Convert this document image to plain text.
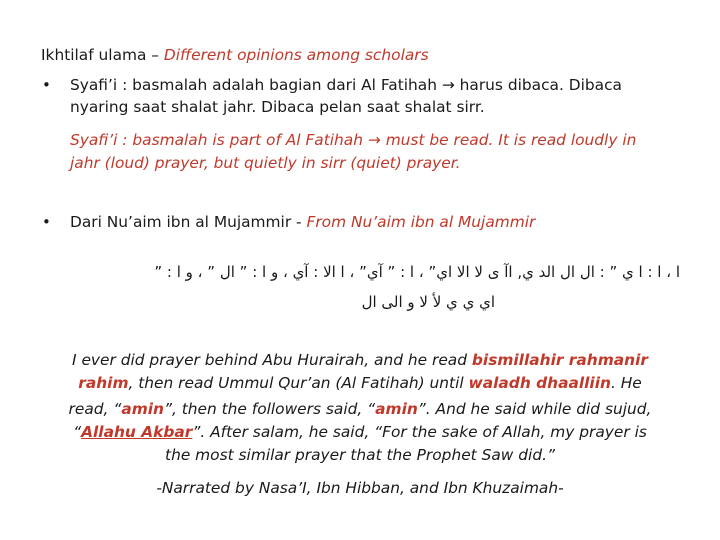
Ikhtilaf ulama – Different opinions among scholars
• Syafi’i : basmalah adalah bagian dari Al Fatihah → harus dibaca. Dibaca
nyaring saat shalat jahr. Dibaca pelan saat shalat sirr.
Syafi’i : basmalah is part of Al Fatihah → must be read. It is read loudly in
jahr (loud) prayer, but quietly in sirr (quiet) prayer.
• Dari Nu’aim ibn al Mujammir - From Nu’aim ibn al Mujammir
ا ، ا : ا ي ” : ال ال الد ي, اآ ى لا الا اي” ، ا : ” آي” ، ا الا : آي ، و ا : ” ال ” ، و ا : ”
اي ي ي لأ لا و الى ال
I ever did prayer behind Abu Hurairah, and he read bismillahir rahmanir
rahim, then read Ummul Qur’an (Al Fatihah) until waladh dhaalliin. He
read, “amin”, then the followers said, “amin”. And he said while did sujud,
“Allahu Akbar”. After salam, he said, “For the sake of Allah, my prayer is
the most similar prayer that the Prophet Saw did.”
-Narrated by Nasa’I, Ibn Hibban, and Ibn Khuzaimah-
